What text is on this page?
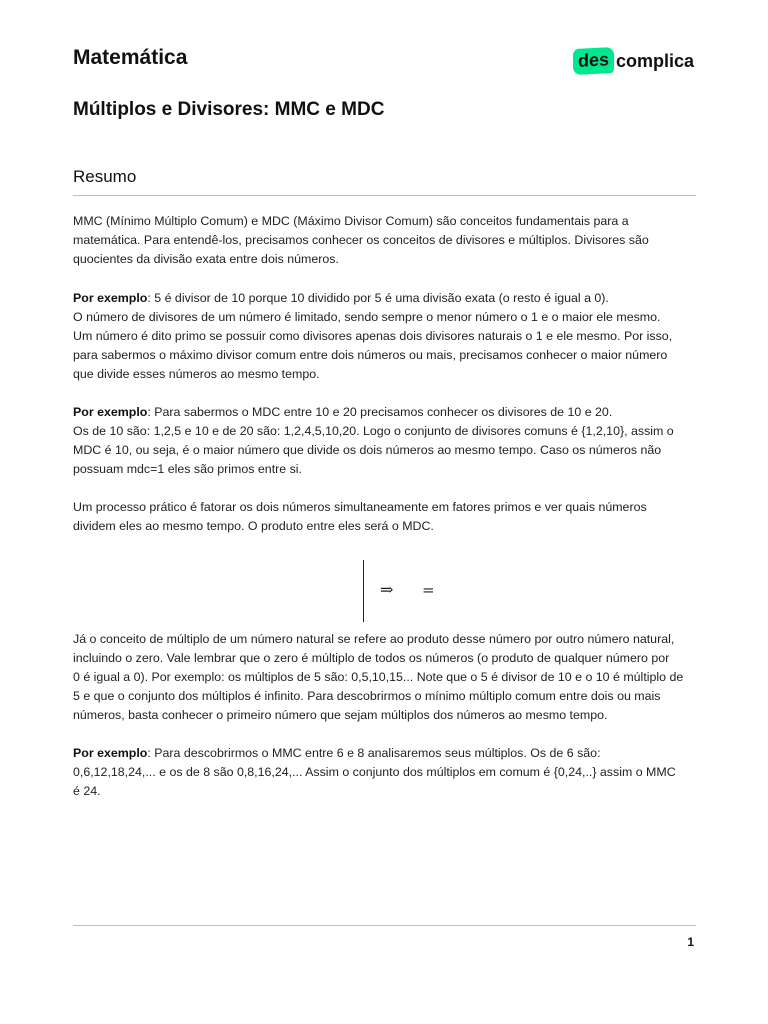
Matemática	des complica
Múltiplos e Divisores: MMC e MDC
Resumo

MMC (Mínimo Múltiplo Comum) e MDC (Máximo Divisor Comum) são conceitos fundamentais para a
matemática. Para entendê-los, precisamos conhecer os conceitos de divisores e múltiplos. Divisores são
quocientes da divisão exata entre dois números.

Por exemplo: 5 é divisor de 10 porque 10 dividido por 5 é uma divisão exata (o resto é igual a 0).
O número de divisores de um número é limitado, sendo sempre o menor número o 1 e o maior ele mesmo.
Um número é dito primo se possuir como divisores apenas dois divisores naturais o 1 e ele mesmo. Por isso,
para sabermos o máximo divisor comum entre dois números ou mais, precisamos conhecer o maior número
que divide esses números ao mesmo tempo.

Por exemplo: Para sabermos o MDC entre 10 e 20 precisamos conhecer os divisores de 10 e 20.
Os de 10 são: 1,2,5 e 10 e de 20 são: 1,2,4,5,10,20. Logo o conjunto de divisores comuns é {1,2,10}, assim o
MDC é 10, ou seja, é o maior número que divide os dois números ao mesmo tempo. Caso os números não
possuam mdc=1 eles são primos entre si.

Um processo prático é fatorar os dois números simultaneamente em fatores primos e ver quais números
dividem eles ao mesmo tempo. O produto entre eles será o MDC.

⇒ =

Já o conceito de múltiplo de um número natural se refere ao produto desse número por outro número natural,
incluindo o zero. Vale lembrar que o zero é múltiplo de todos os números (o produto de qualquer número por
0 é igual a 0). Por exemplo: os múltiplos de 5 são: 0,5,10,15... Note que o 5 é divisor de 10 e o 10 é múltiplo de
5 e que o conjunto dos múltiplos é infinito. Para descobrirmos o mínimo múltiplo comum entre dois ou mais
números, basta conhecer o primeiro número que sejam múltiplos dos números ao mesmo tempo.

Por exemplo: Para descobrirmos o MMC entre 6 e 8 analisaremos seus múltiplos. Os de 6 são:
0,6,12,18,24,... e os de 8 são 0,8,16,24,... Assim o conjunto dos múltiplos em comum é {0,24,..} assim o MMC
é 24.

1
